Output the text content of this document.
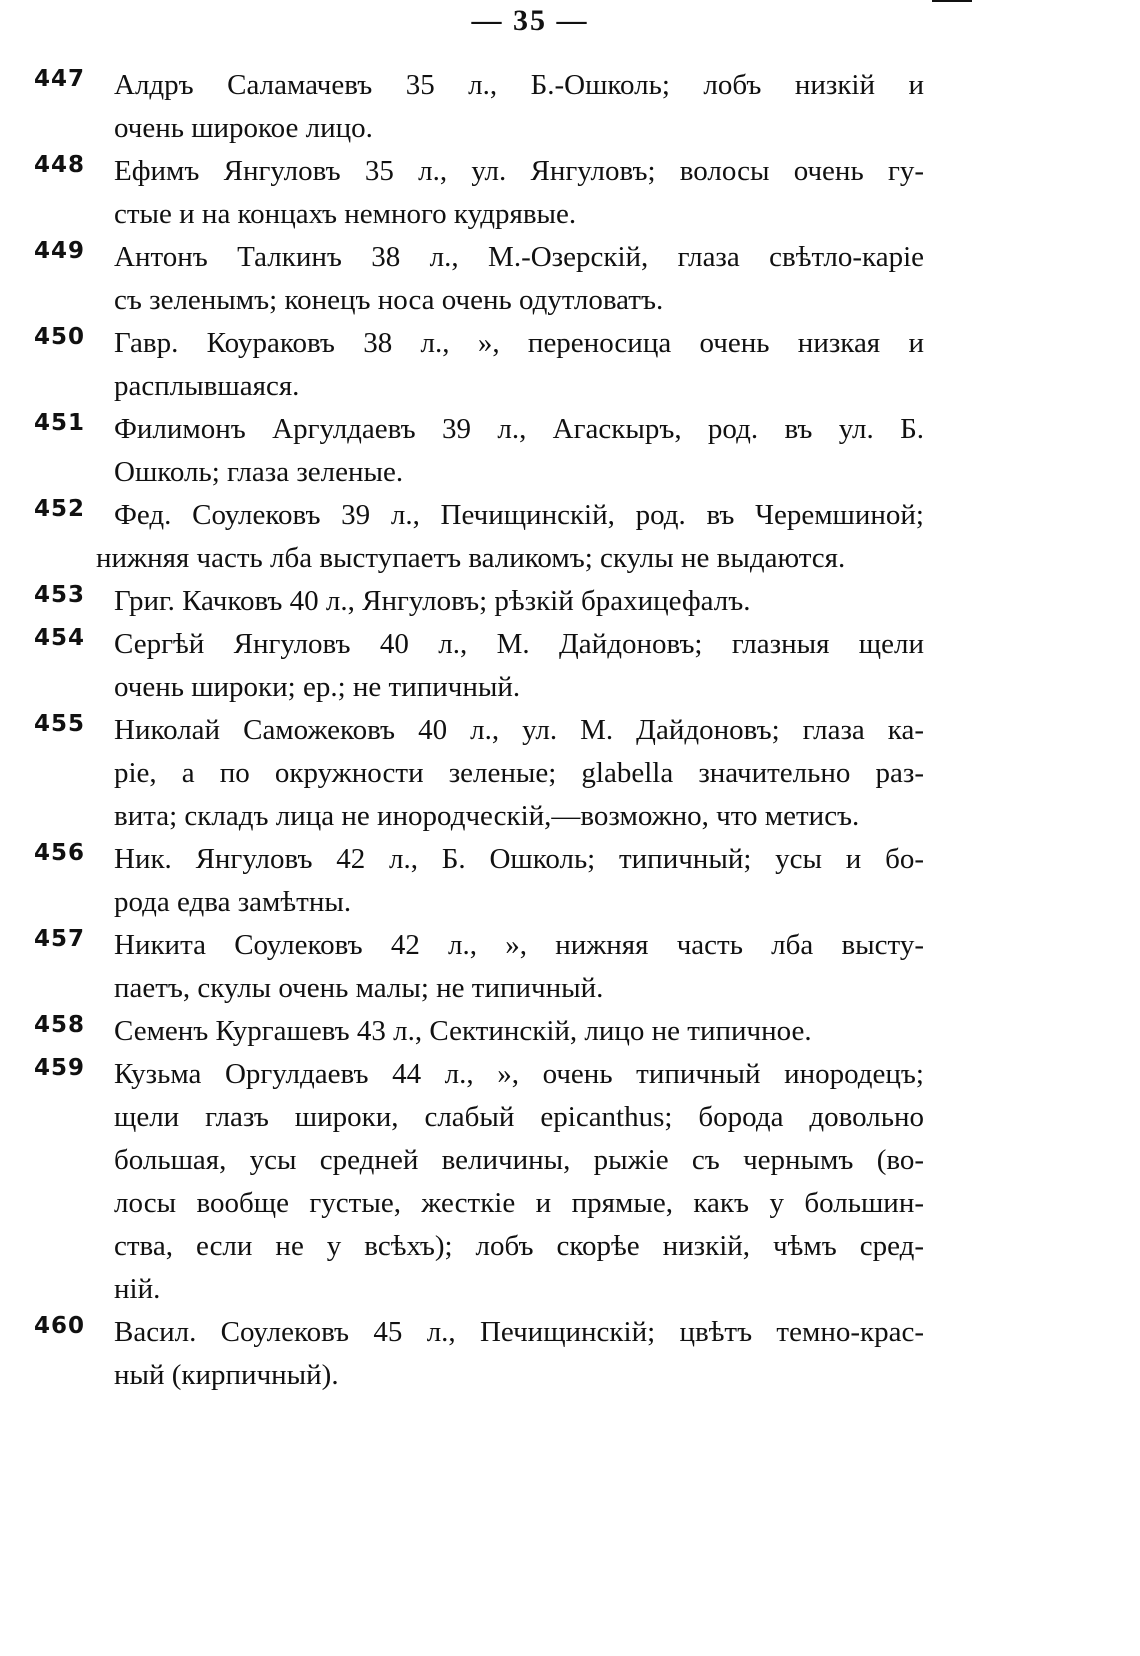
— 35 —
447 Алдръ Саламачевъ 35 л., Б.-Ошколь; лобъ низкій и
очень широкое лицо.
448 Ефимъ Янгуловъ 35 л., ул. Янгуловъ; волосы очень гу-
стые и на концахъ немного кудрявые.
449 Антонъ Талкинъ 38 л., М.-Озерскій, глаза свѣтло-каріе
съ зеленымъ; конецъ носа очень одутловатъ.
450 Гавр. Коураковъ 38 л., », переносица очень низкая и
расплывшаяся.
451 Филимонъ Аргулдаевъ 39 л., Агаскыръ, род. въ ул. Б.
Ошколь; глаза зеленые.
452 Фед. Соулековъ 39 л., Печищинскій, род. въ Черемшиной;
нижняя часть лба выступаетъ валикомъ; скулы не выдаются.
453 Григ. Качковъ 40 л., Янгуловъ; рѣзкій брахицефалъ.
454 Сергѣй Янгуловъ 40 л., М. Дайдоновъ; глазныя щели
очень широки; ер.; не типичный.
455 Николай Саможековъ 40 л., ул. М. Дайдоновъ; глаза ка-
ріе, а по окружности зеленые; glabella значительно раз-
вита; складъ лица не инородческій,—возможно, что метисъ.
456 Ник. Янгуловъ 42 л., Б. Ошколь; типичный; усы и бо-
рода едва замѣтны.
457 Никита Соулековъ 42 л., », нижняя часть лба высту-
паетъ, скулы очень малы; не типичный.
458 Семенъ Кургашевъ 43 л., Сектинскій, лицо не типичное.
459 Кузьма Оргулдаевъ 44 л., », очень типичный инородецъ;
щели глазъ широки, слабый epicanthus; борода довольно
большая, усы средней величины, рыжіе съ чернымъ (во-
лосы вообще густые, жесткіе и прямые, какъ у большин-
ства, если не у всѣхъ); лобъ скорѣе низкій, чѣмъ сред-
ній.
460 Васил. Соулековъ 45 л., Печищинскій; цвѣтъ темно-крас-
ный (кирпичный).
